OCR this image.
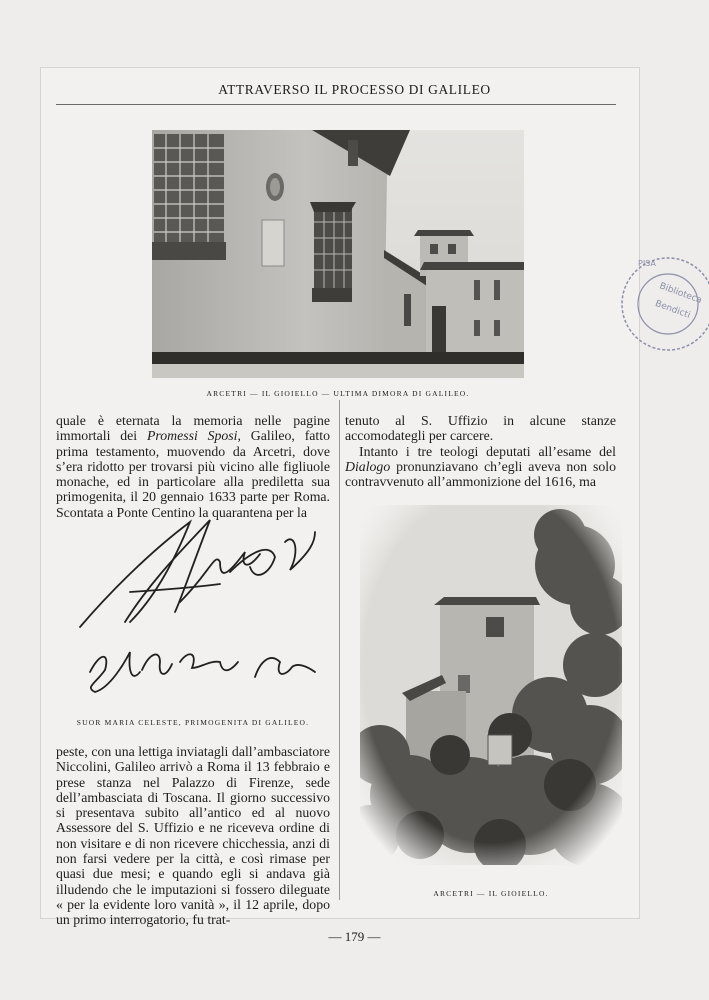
ATTRAVERSO IL PROCESSO DI GALILEO
ARCETRI — IL GIOIELLO — ULTIMA DIMORA DI GALILEO.
Biblioteca
Bendicti
PISA

quale è eternata la memoria nelle pagine immortali dei Promessi Sposi, Galileo, fatto prima testamento, muovendo da Arcetri, dove s’era ridotto per trovarsi più vicino alle figliuole monache, ed in particolare alla prediletta sua primogenita, il 20 gennaio 1633 parte per Roma. Scontata a Ponte Centino la quarantena per la

SUOR MARIA CELESTE, PRIMOGENITA DI GALILEO.

peste, con una lettiga inviatagli dall’ambasciatore Niccolini, Galileo arrivò a Roma il 13 febbraio e prese stanza nel Palazzo di Firenze, sede dell’ambasciata di Toscana. Il giorno successivo si presentava subito all’antico ed al nuovo Assessore del S. Uffizio e ne riceveva ordine di non visitare e di non ricevere chicchessia, anzi di non farsi vedere per la città, e così rimase per quasi due mesi; e quando egli si andava già illudendo che le imputazioni si fossero dileguate « per la evidente loro vanità », il 12 aprile, dopo un primo interrogatorio, fu trat-

tenuto al S. Uffizio in alcune stanze accomodategli per carcere.

Intanto i tre teologi deputati all’esame del Dialogo pronunziavano ch’egli aveva non solo contravvenuto all’ammonizione del 1616, ma

ARCETRI — IL GIOIELLO.
— 179 —
